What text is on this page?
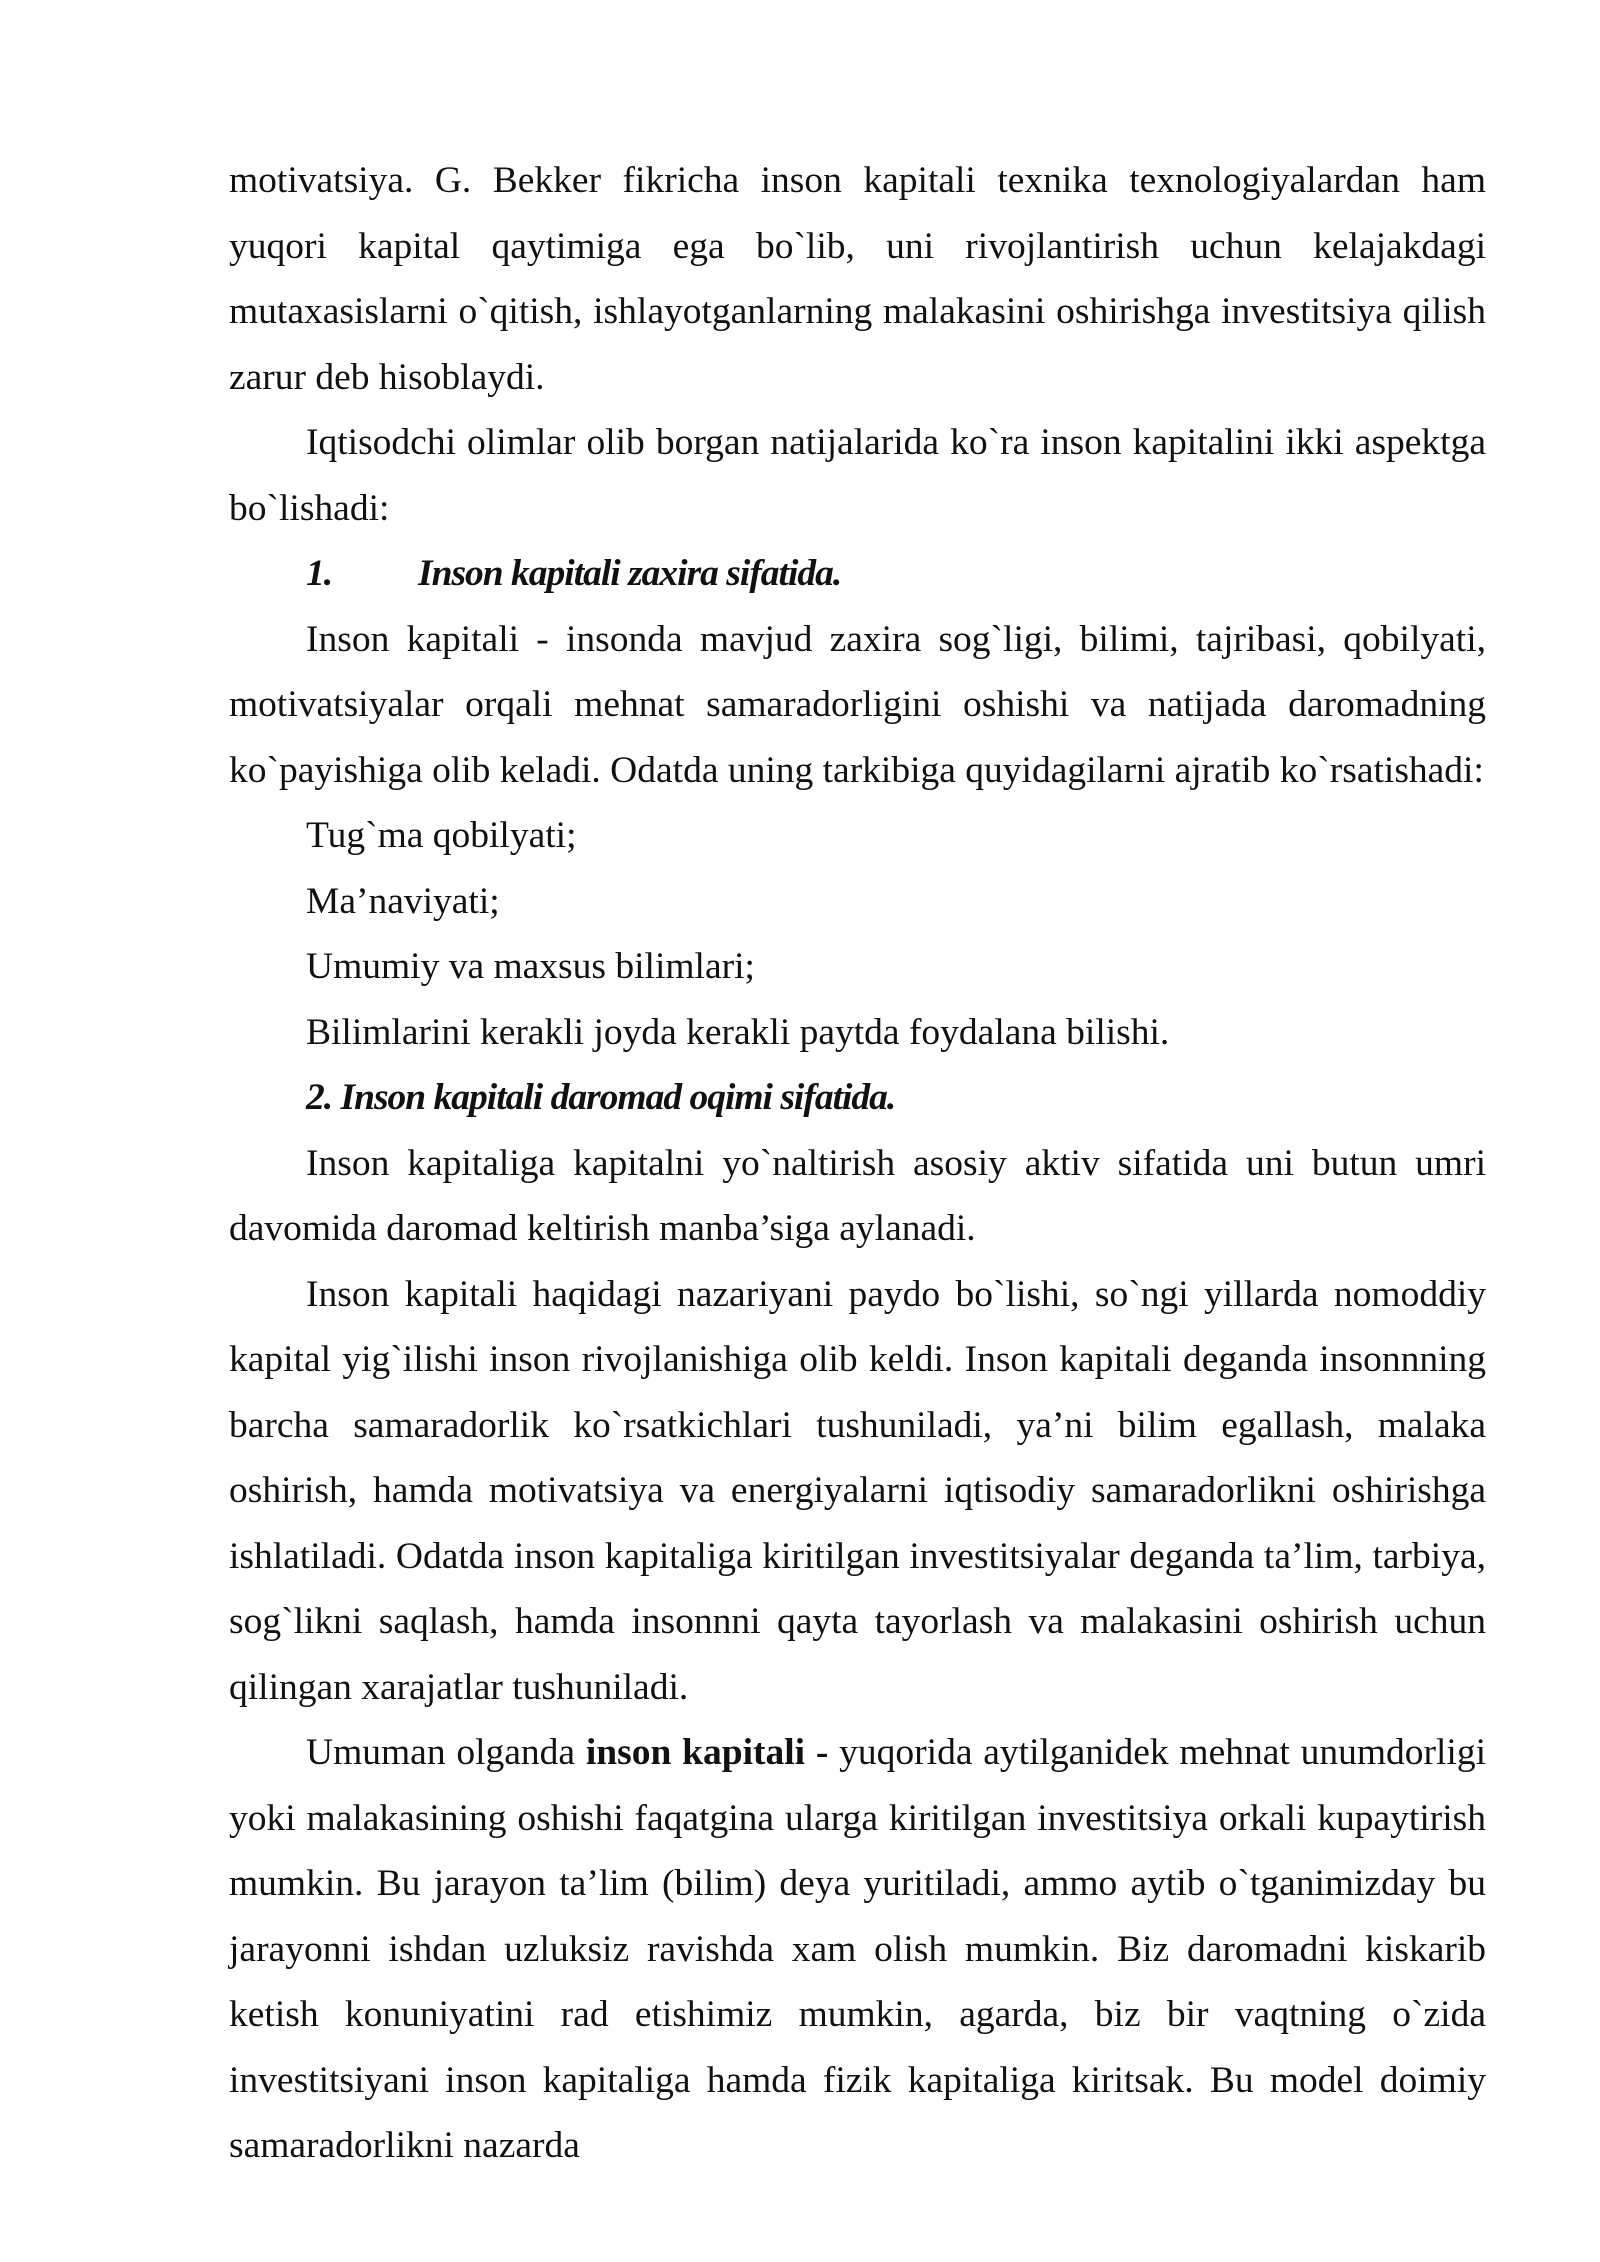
motivatsiya. G. Bekker fikricha inson kapitali texnika texnologiyalardan ham yuqori kapital qaytimiga ega bo`lib, uni rivojlantirish uchun kelajakdagi mutaxasislarni o`qitish, ishlayotganlarning malakasini oshirishga investitsiya qilish zarur deb hisoblaydi.

Iqtisodchi olimlar olib borgan natijalarida ko`ra inson kapitalini ikki aspektga bo`lishadi:

1. Inson kapitali zaxira sifatida.

Inson kapitali - insonda mavjud zaxira sog`ligi, bilimi, tajribasi, qobilyati, motivatsiyalar orqali mehnat samaradorligini oshishi va natijada daromadning ko`payishiga olib keladi. Odatda uning tarkibiga quyidagilarni ajratib ko`rsatishadi:

Tug`ma qobilyati;

Ma’naviyati;

Umumiy va maxsus bilimlari;

Bilimlarini kerakli joyda kerakli paytda foydalana bilishi.

2. Inson kapitali daromad oqimi sifatida.

Inson kapitaliga kapitalni yo`naltirish asosiy aktiv sifatida uni butun umri davomida daromad keltirish manba’siga aylanadi.

Inson kapitali haqidagi nazariyani paydo bo`lishi, so`ngi yillarda nomoddiy kapital yig`ilishi inson rivojlanishiga olib keldi. Inson kapitali deganda insonnning barcha samaradorlik ko`rsatkichlari tushuniladi, ya’ni bilim egallash, malaka oshirish, hamda motivatsiya va energiyalarni iqtisodiy samaradorlikni oshirishga ishlatiladi. Odatda inson kapitaliga kiritilgan investitsiyalar deganda ta’lim, tarbiya, sog`likni saqlash, hamda insonnni qayta tayorlash va malakasini oshirish uchun qilingan xarajatlar tushuniladi.

Umuman olganda inson kapitali - yuqorida aytilganidek mehnat unumdorligi yoki malakasining oshishi faqatgina ularga kiritilgan investitsiya orkali kupaytirish mumkin. Bu jarayon ta’lim (bilim) deya yuritiladi, ammo aytib o`tganimizday bu jarayonni ishdan uzluksiz ravishda xam olish mumkin. Biz daromadni kiskarib ketish konuniyatini rad etishimiz mumkin, agarda, biz bir vaqtning o`zida investitsiyani inson kapitaliga hamda fizik kapitaliga kiritsak. Bu model doimiy samaradorlikni nazarda
